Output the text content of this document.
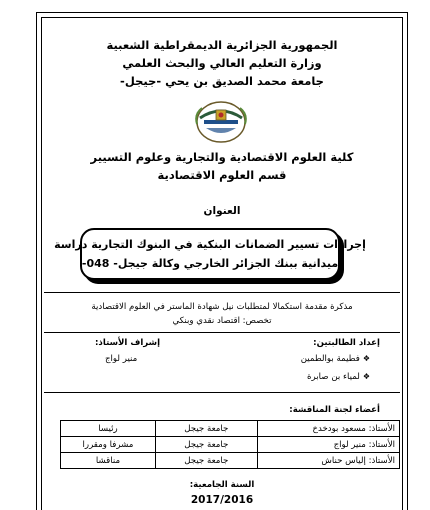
الجمهورية الجزائرية الديمقراطية الشعبية
وزارة التعليم العالي والبحث العلمي
جامعة محمد الصديق بن يحي -جيجل-
كلية العلوم الاقتصادية والتجارية وعلوم التسيير
قسم العلوم الاقتصادية
العنوان
إجراءات تسيير الضمانات البنكية في البنوك التجارية دراسة
ميدانية ببنك الجزائر الخارجي وكالة جيجل- 048-
مذكرة مقدمة استكمالا لمتطلبات نيل شهادة الماستر في العلوم الاقتصادية
تخصص: اقتصاد نقدي وبنكي
إعداد الطالبتين:
❖فطيمة بوالطمين
❖لمياء بن صابرة
إشراف الأستاذ:
منير لواج
أعضاء لجنة المناقشة:
الأستاذ: مسعود بودخدخ	جامعة جيجل	رئيسا
الأستاذ: منير لواج	جامعة جيجل	مشرفا ومقررا
الأستاذ: إلياس حناش	جامعة جيجل	مناقشا
السنة الجامعية:
2017/2016
